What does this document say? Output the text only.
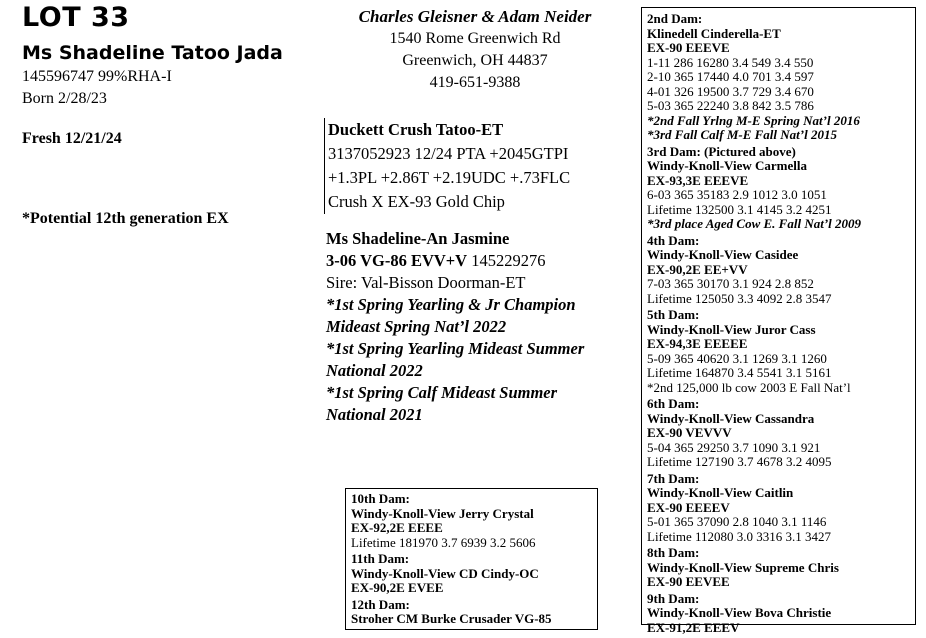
LOT 33
Ms Shadeline Tatoo Jada
145596747 99%RHA-I
Born 2/28/23
Fresh 12/21/24
*Potential 12th generation EX
Charles Gleisner & Adam Neider
1540 Rome Greenwich Rd
Greenwich, OH 44837
419-651-9388
Duckett Crush Tatoo-ET
3137052923 12/24 PTA +2045GTPI
+1.3PL +2.86T +2.19UDC +.73FLC
Crush X EX-93 Gold Chip
Ms Shadeline-An Jasmine
3-06 VG-86 EVV+V 145229276
Sire: Val-Bisson Doorman-ET
*1st Spring Yearling & Jr Champion
Mideast Spring Nat’l 2022
*1st Spring Yearling Mideast Summer
National 2022
*1st Spring Calf Mideast Summer
National 2021
2nd Dam:
Klinedell Cinderella-ET
EX-90 EEEVE
1-11 286 16280 3.4 549 3.4 550
2-10 365 17440 4.0 701 3.4 597
4-01 326 19500 3.7 729 3.4 670
5-03 365 22240 3.8 842 3.5 786
*2nd Fall Yrlng M-E Spring Nat’l 2016
*3rd Fall Calf M-E Fall Nat’l 2015
3rd Dam: (Pictured above)
Windy-Knoll-View Carmella
EX-93,3E EEEVE
6-03 365 35183 2.9 1012 3.0 1051
Lifetime 132500 3.1 4145 3.2 4251
*3rd place Aged Cow E. Fall Nat’l 2009
4th Dam:
Windy-Knoll-View Casidee
EX-90,2E EE+VV
7-03 365 30170 3.1 924 2.8 852
Lifetime 125050 3.3 4092 2.8 3547
5th Dam:
Windy-Knoll-View Juror Cass
EX-94,3E EEEEE
5-09 365 40620 3.1 1269 3.1 1260
Lifetime 164870 3.4 5541 3.1 5161
*2nd 125,000 lb cow 2003 E Fall Nat’l
6th Dam:
Windy-Knoll-View Cassandra
EX-90 VEVVV
5-04 365 29250 3.7 1090 3.1 921
Lifetime 127190 3.7 4678 3.2 4095
7th Dam:
Windy-Knoll-View Caitlin
EX-90 EEEEV
5-01 365 37090 2.8 1040 3.1 1146
Lifetime 112080 3.0 3316 3.1 3427
8th Dam:
Windy-Knoll-View Supreme Chris
EX-90 EEVEE
9th Dam:
Windy-Knoll-View Bova Christie
EX-91,2E EEEV
10th Dam:
Windy-Knoll-View Jerry Crystal
EX-92,2E EEEE
Lifetime 181970 3.7 6939 3.2 5606
11th Dam:
Windy-Knoll-View CD Cindy-OC
EX-90,2E EVEE
12th Dam:
Stroher CM Burke Crusader VG-85
